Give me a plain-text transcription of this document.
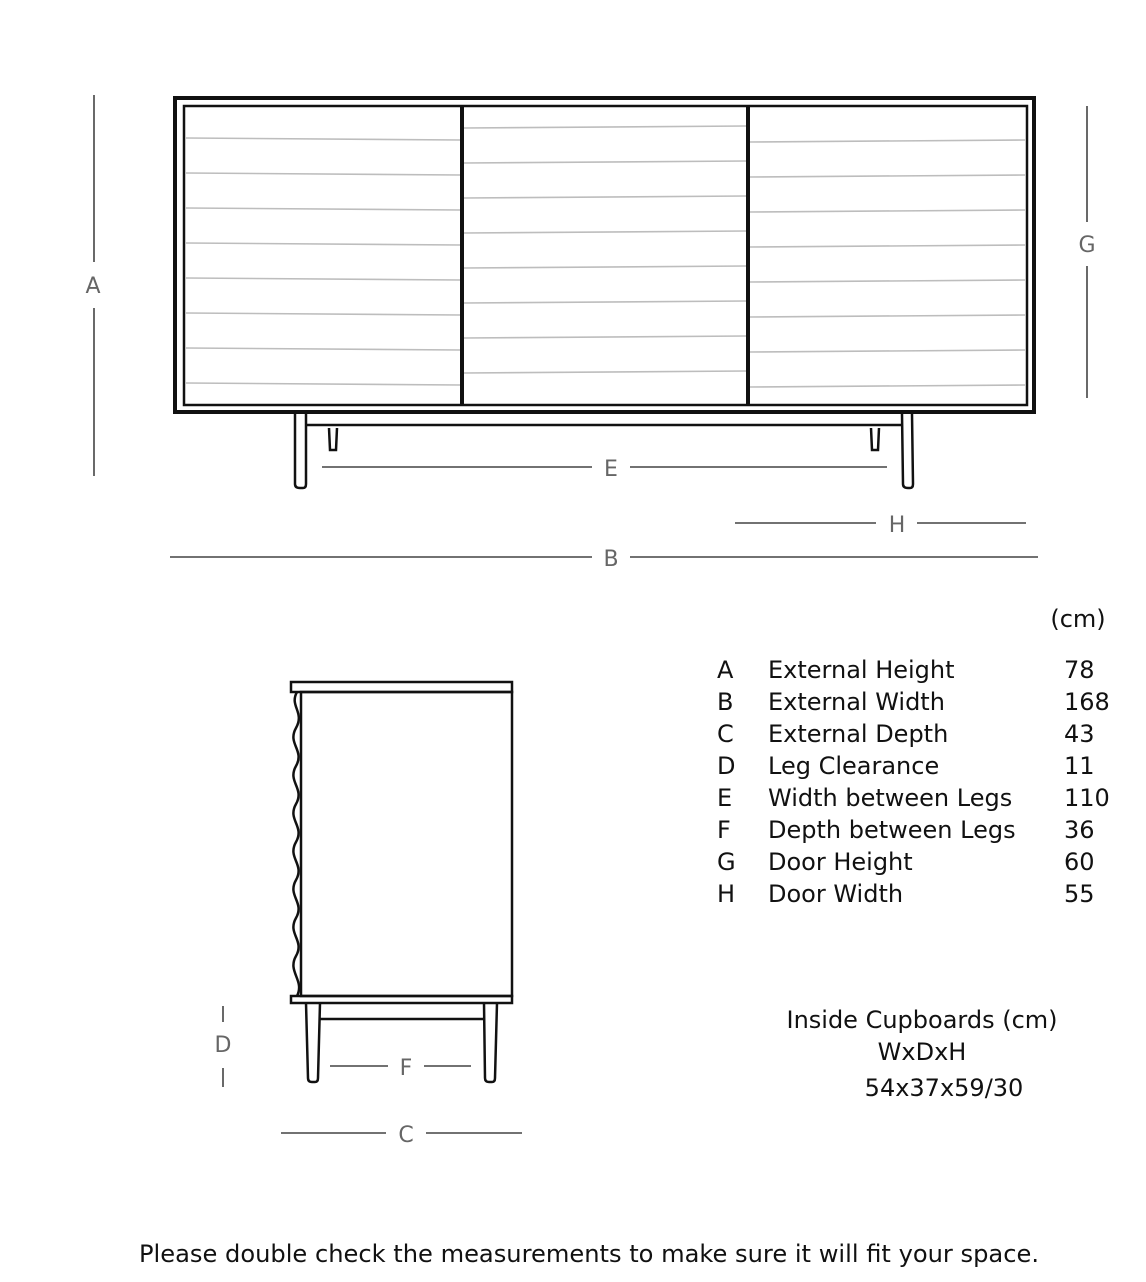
A
G
E
H
B
D
F
C
(cm)
A External Height	78
B External Width	168
C External Depth	43
D Leg Clearance	11
E Width between Legs 110
F Depth between Legs 36
G Door Height	60
H Door Width	55
Inside Cupboards (cm)
WxDxH
54x37x59/30
Please double check the measurements to make sure it will fit your space.
